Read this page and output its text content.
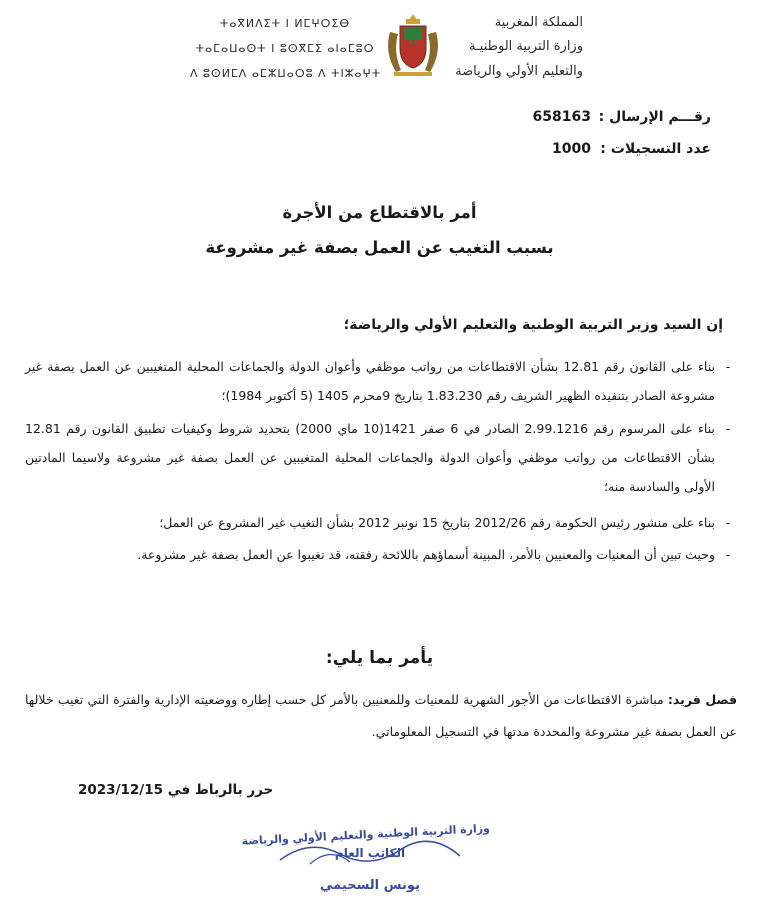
ⵜⴰⴳⵍⴷⵉⵜ ⵏ ⵍⵎⵖⵔⵉⴱ
ⵜⴰⵎⴰⵡⴰⵙⵜ ⵏ ⵓⵙⴳⵎⵉ ⴰⵏⴰⵎⵓⵔ
ⴷ ⵓⵙⵍⵎⴷ ⴰⵎⵣⵡⴰⵔⵓ ⴷ ⵜⵏⵣⴰⵖⵜ
المملكة المغربية
وزارة التربية الوطنيـة
والتعليم الأولي والرياضة
رقـــم الإرسال :
658163
عدد التسجيلات :
1000
أمر بالاقتطاع من الأجرة
بسبب التغيب عن العمل بصفة غير مشروعة
إن السيد وزير التربية الوطنية والتعليم الأولي والرياضة؛
-
بناء على القانون رقم 12.81 بشأن الاقتطاعات من رواتب موظفي وأعوان الدولة والجماعات المحلية المتغيبين عن العمل بصفة غير مشروعة الصادر بتنفيذه الظهير الشريف رقم 1.83.230 بتاريخ 9محرم 1405 (5 أكتوبر 1984)؛
-
بناء على المرسوم رقم 2.99.1216 الصادر في 6 صفر 1421(10 ماي 2000) بتحديد شروط وكيفيات تطبيق القانون رقم 12.81 بشأن الاقتطاعات من رواتب موظفي وأعوان الدولة والجماعات المحلية المتغيبين عن العمل بصفة غير مشروعة ولاسيما المادتين الأولى والسادسة منه؛
-
بناء على منشور رئيس الحكومة رقم 2012/26 بتاريخ 15 نونبر 2012 بشأن التغيب غير المشروع عن العمل؛
-
وحيث تبين أن المعنيات والمعنيين بالأمر، المبينة أسماؤهم باللائحة رفقته، قد تغيبوا عن العمل بصفة غير مشروعة.
يأمر بما يلي:
فصل فريد: مباشرة الاقتطاعات من الأجور الشهرية للمعنيات وللمعنيين بالأمر كل حسب إطاره ووضعيته الإدارية والفترة التي تغيب خلالها عن العمل بصفة غير مشروعة والمحددة مدتها في التسجيل المعلوماتي.
حرر بالرباط في 2023/12/15
وزارة التربية الوطنية والتعليم الأولي والرياضة
الكاتب العام
يونس السحيمي
